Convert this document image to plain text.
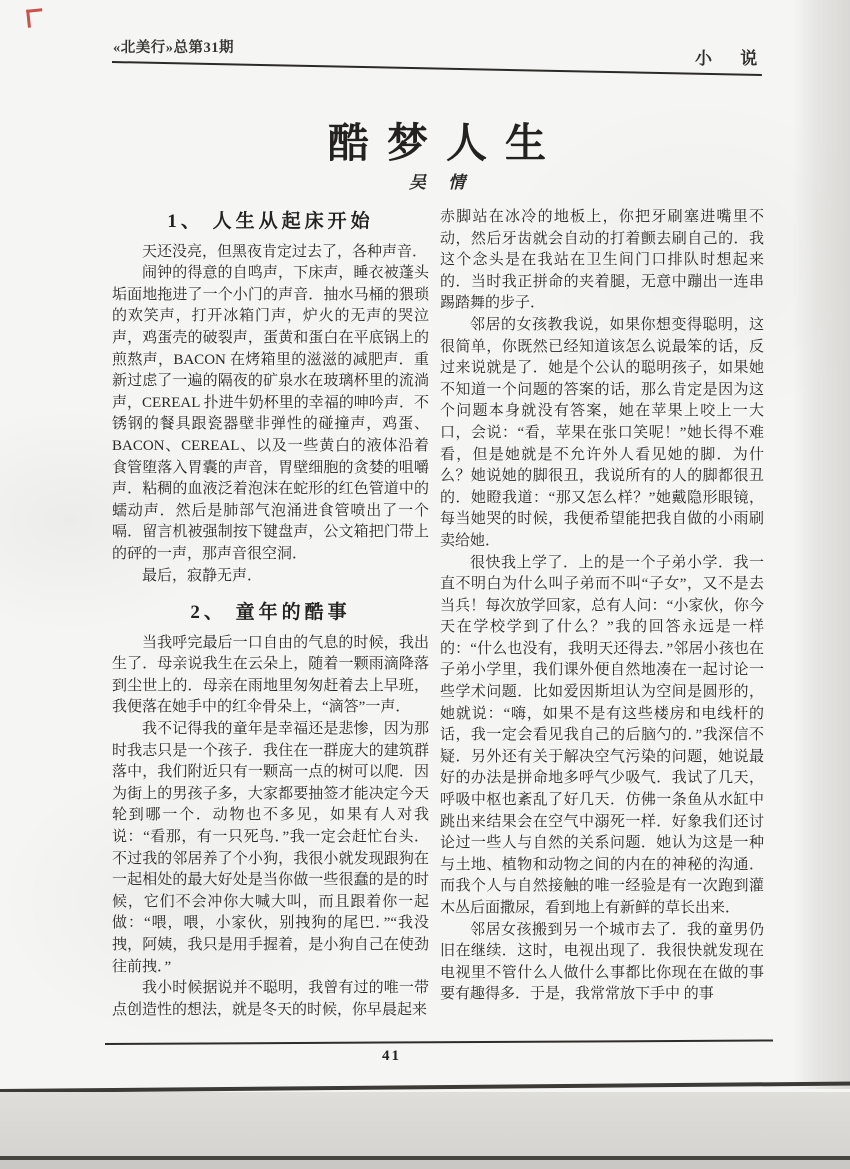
«北美行»总第31期
小 说
酷梦人生
吴 情
1、 人生从起床开始

天还没亮，但黑夜肯定过去了，各种声音．

闹钟的得意的自鸣声，下床声，睡衣被蓬头垢面地拖进了一个小门的声音．抽水马桶的猥琐的欢笑声，打开冰箱门声，炉火的无声的哭泣声，鸡蛋壳的破裂声，蛋黄和蛋白在平底锅上的煎熬声，BACON 在烤箱里的滋滋的减肥声．重新过虑了一遍的隔夜的矿泉水在玻璃杯里的流淌声，CEREAL 扑进牛奶杯里的幸福的呻吟声．不锈钢的餐具跟瓷器壁非弹性的碰撞声，鸡蛋、BACON、CEREAL、以及一些黄白的液体沿着食管堕落入胃囊的声音，胃壁细胞的贪婪的咀嚼声．粘稠的血液泛着泡沫在蛇形的红色管道中的蠕动声．然后是肺部气泡涌进食管喷出了一个嗝．留言机被强制按下键盘声，公文箱把门带上的砰的一声，那声音很空洞．

最后，寂静无声．

2、 童年的酷事

当我呼完最后一口自由的气息的时候，我出生了．母亲说我生在云朵上，随着一颗雨滴降落到尘世上的．母亲在雨地里匆匆赶着去上早班，我便落在她手中的红伞骨朵上，“滴答”一声．

我不记得我的童年是幸福还是悲惨，因为那时我志只是一个孩子．我住在一群庞大的建筑群落中，我们附近只有一颗高一点的树可以爬．因为街上的男孩子多，大家都要抽签才能决定今天轮到哪一个．动物也不多见，如果有人对我说：“看那，有一只死鸟．”我一定会赶忙台头．不过我的邻居养了个小狗，我很小就发现跟狗在一起相处的最大好处是当你做一些很蠢的是的时候，它们不会冲你大喊大叫，而且跟着你一起做：“喂，喂，小家伙，别拽狗的尾巴．”“我没拽，阿姨，我只是用手握着，是小狗自己在使劲往前拽．”

我小时候据说并不聪明，我曾有过的唯一带点创造性的想法，就是冬天的时候，你早晨起来

赤脚站在冰冷的地板上，你把牙刷塞进嘴里不动，然后牙齿就会自动的打着颤去刷自己的．我这个念头是在我站在卫生间门口排队时想起来的．当时我正拼命的夹着腿，无意中蹦出一连串踢踏舞的步子．

邻居的女孩教我说，如果你想变得聪明，这很简单，你既然已经知道该怎么说最笨的话，反过来说就是了．她是个公认的聪明孩子，如果她不知道一个问题的答案的话，那么肯定是因为这个问题本身就没有答案，她在苹果上咬上一大口，会说：“看，苹果在张口笑呢！”她长得不难看，但是她就是不允许外人看见她的脚．为什么？她说她的脚很丑，我说所有的人的脚都很丑的．她瞪我道：“那又怎么样？”她戴隐形眼镜，每当她哭的时候，我便希望能把我自做的小雨刷卖给她．

很快我上学了．上的是一个子弟小学．我一直不明白为什么叫子弟而不叫“子女”，又不是去当兵！每次放学回家，总有人问：“小家伙，你今天在学校学到了什么？”我的回答永远是一样的：“什么也没有，我明天还得去．”邻居小孩也在子弟小学里，我们课外便自然地凑在一起讨论一些学术问题．比如爱因斯坦认为空间是圆形的，她就说：“嗨，如果不是有这些楼房和电线杆的话，我一定会看见我自己的后脑勺的．”我深信不疑．另外还有关于解决空气污染的问题，她说最好的办法是拼命地多呼气少吸气．我试了几天，呼吸中枢也紊乱了好几天．仿佛一条鱼从水缸中跳出来结果会在空气中溺死一样．好象我们还讨论过一些人与自然的关系问题．她认为这是一种与土地、植物和动物之间的内在的神秘的沟通．而我个人与自然接触的唯一经验是有一次跑到灌木丛后面撒尿，看到地上有新鲜的草长出来．

邻居女孩搬到另一个城市去了．我的童男仍旧在继续．这时，电视出现了．我很快就发现在电视里不管什么人做什么事都比你现在在做的事要有趣得多．于是，我常常放下手中 的事

41
